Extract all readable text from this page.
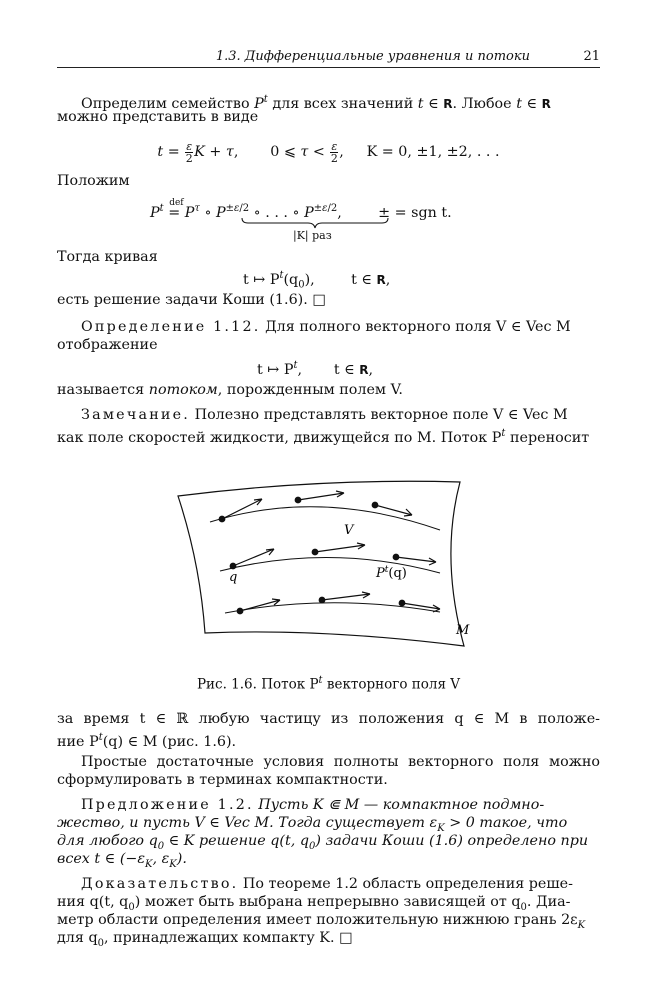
1.3. Дифференциальные уравнения и потоки	21
Определим семейство $P^t$ для всех значений t ∈ R. Любое t ∈ R
можно представить в виде
$t = \frac{\varepsilon}{2}$ K + τ,       0 ⩽ $\tau < \frac{\varepsilon}{2}$ ,     K = 0, ±1, ±2, . . .
Положим
$P^t$
def
= $P^\tau$ ∘ $P^{\pm\varepsilon/2}$ ∘ . . . ∘ $P^{\pm\varepsilon/2}$,        ± = sgn t.
|K| раз
Тогда кривая
t ↦ $P^t(q_0)$,	t ∈ R,
есть решение задачи Коши (1.6). □
Определение 1.12. Для полного векторного поля V ∈ Vec M
отображение
t ↦ $P^t$, t ∈ R,
называется потоком, порожденным полем V.
Замечание. Полезно представлять векторное поле V ∈ Vec M
как поле скоростей жидкости, движущейся по M. Поток $P^t$ переносит
V
q	$P^t(q)$
M
Рис. 1.6. Поток $P^t$ векторного поля V
за время t ∈ ℝ любую частицу из положения q ∈ M в положе-
ние $P^t(q)$ ∈ M (рис. 1.6).
Простые достаточные условия полноты векторного поля можно
сформулировать в терминах компактности.
Предложение 1.2. Пусть K ⋐ M — компактное подмно-
жество, и пусть V ∈ Vec M. Тогда существует $\varepsilon_K > 0$ такое, что
для любого $q_0$ ∈ K решение q(t, $q_0$) задачи Коши (1.6) определено при
всех t ∈ ($-\varepsilon_K$, $\varepsilon_K$).
Доказательство. По теореме 1.2 область определения реше-
ния q(t, $q_0$) может быть выбрана непрерывно зависящей от $q_0$. Диа-
метр области определения имеет положительную нижнюю грань $2\varepsilon_K$
для $q_0$, принадлежащих компакту K. □
